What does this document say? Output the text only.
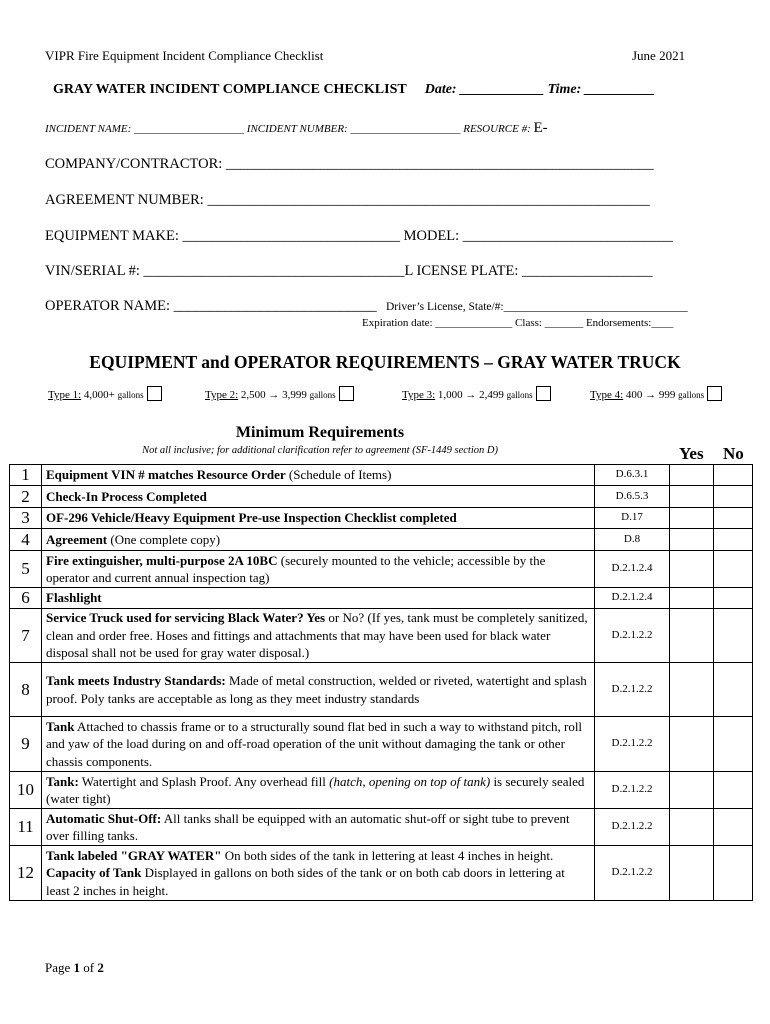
VIPR Fire Equipment Incident Compliance Checklist	June 2021
GRAY WATER INCIDENT COMPLIANCE CHECKLIST Date: ____________ Time: __________
INCIDENT NAME: ____________________ INCIDENT NUMBER: ____________________ RESOURCE #: E-
COMPANY/CONTRACTOR: ___________________________________________________________
AGREEMENT NUMBER: _____________________________________________________________
EQUIPMENT MAKE: ______________________________ MODEL: _____________________________
VIN/SERIAL #: ____________________________________L ICENSE PLATE: __________________
OPERATOR NAME: ____________________________ Driver’s License, State/#:________________________________
Expiration date: ______________ Class: _______ Endorsements:____
EQUIPMENT and OPERATOR REQUIREMENTS – GRAY WATER TRUCK
Type 1: 4,000+ gallons	Type 2: 2,500 → 3,999 gallons	Type 3: 1,000 → 2,499 gallons	Type 4: 400 → 999 gallons
Minimum Requirements
Not all inclusive; for additional clarification refer to agreement (SF-1449 section D)	Yes No
1	Equipment VIN # matches Resource Order (Schedule of Items)	D.6.3.1		
2	Check-In Process Completed	D.6.5.3		
3	OF-296 Vehicle/Heavy Equipment Pre-use Inspection Checklist completed	D.17		
4	Agreement (One complete copy)	D.8		
5	Fire extinguisher, multi-purpose 2A 10BC (securely mounted to the vehicle; accessible by the operator and current annual inspection tag)	D.2.1.2.4		
6	Flashlight	D.2.1.2.4		
7	Service Truck used for servicing Black Water? Yes or No? (If yes, tank must be completely sanitized, clean and order free. Hoses and fittings and attachments that may have been used for black water disposal shall not be used for gray water disposal.)	D.2.1.2.2		
8	Tank meets Industry Standards: Made of metal construction, welded or riveted, watertight and splash proof. Poly tanks are acceptable as long as they meet industry standards	D.2.1.2.2		
9	Tank Attached to chassis frame or to a structurally sound flat bed in such a way to withstand pitch, roll and yaw of the load during on and off-road operation of the unit without damaging the tank or other chassis components.	D.2.1.2.2		
10	Tank: Watertight and Splash Proof. Any overhead fill (hatch, opening on top of tank) is securely sealed (water tight)	D.2.1.2.2		
11	Automatic Shut-Off: All tanks shall be equipped with an automatic shut-off or sight tube to prevent over filling tanks.	D.2.1.2.2		
12	Tank labeled "GRAY WATER" On both sides of the tank in lettering at least 4 inches in height. Capacity of Tank Displayed in gallons on both sides of the tank or on both cab doors in lettering at least 2 inches in height.	D.2.1.2.2		
Page 1 of 2
